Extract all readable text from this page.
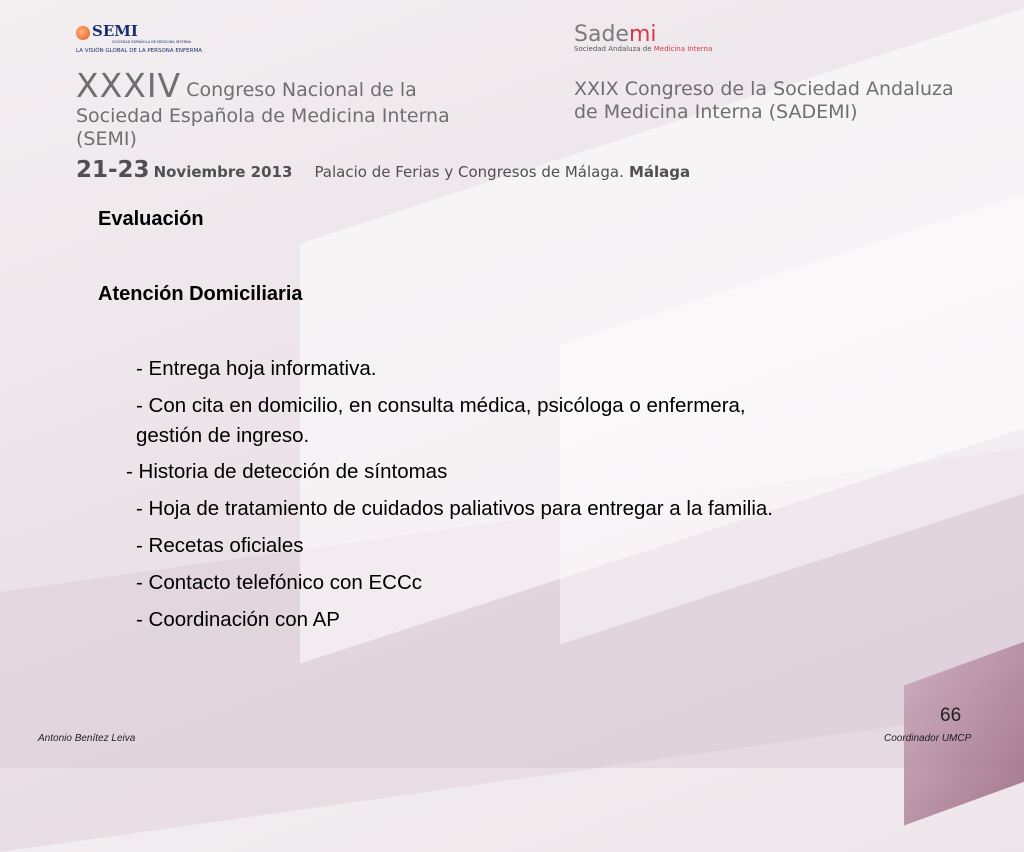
SEMI
SOCIEDAD ESPAÑOLA DE MEDICINA INTERNA
LA VISIÓN GLOBAL DE LA PERSONA ENFERMA
Sademi
Sociedad Andaluza de Medicina Interna
XXXIV Congreso Nacional de la
Sociedad Española de Medicina Interna
(SEMI)
XXIX Congreso de la Sociedad Andaluza
de Medicina Interna (SADEMI)
21-23 Noviembre 2013 Palacio de Ferias y Congresos de Málaga. Málaga
Evaluación
Atención Domiciliaria
- Entrega hoja informativa.
- Con cita en domicilio, en consulta médica, psicóloga o enfermera,
gestión de ingreso.
- Historia de detección de síntomas
- Hoja de tratamiento de cuidados paliativos para entregar a la familia.
- Recetas oficiales
- Contacto telefónico con ECCc
- Coordinación con AP
66
Antonio Benítez Leiva	Coordinador UMCP
